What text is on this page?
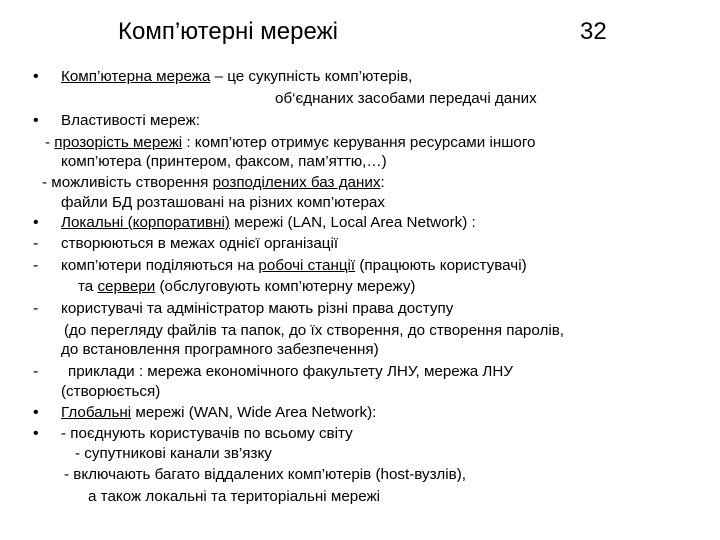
Комп’ютерні мережі	32
• Комп’ютерна мережа – це сукупність комп’ютерів,
об‘єднаних засобами передачі даних
• Властивості мереж:
- прозорість мережі : комп’ютер отримує керування ресурсами іншого
комп’ютера (принтером, факсом, пам’яттю,…)
- можливість створення розподілених баз даних:
файли БД розташовані на різних комп’ютерах
• Локальні (корпоративні) мережі (LAN, Local Area Network) :
- створюються в межах однієї організації
- комп’ютери поділяються на робочі станції (працюють користувачі)
та сервери (обслуговують комп’ютерну мережу)
- користувачі та адміністратор мають різні права доступу
(до перегляду файлів та папок, до їх створення, до створення паролів,
до встановлення програмного забезпечення)
- приклади : мережа економічного факультету ЛНУ, мережа ЛНУ
(створюється)
• Глобальні мережі (WAN, Wide Area Network):
• - поєднують користувачів по всьому світу
- супутникові канали зв’язку
- включають багато віддалених комп’ютерів (host-вузлів),
а також локальні та територіальні мережі
